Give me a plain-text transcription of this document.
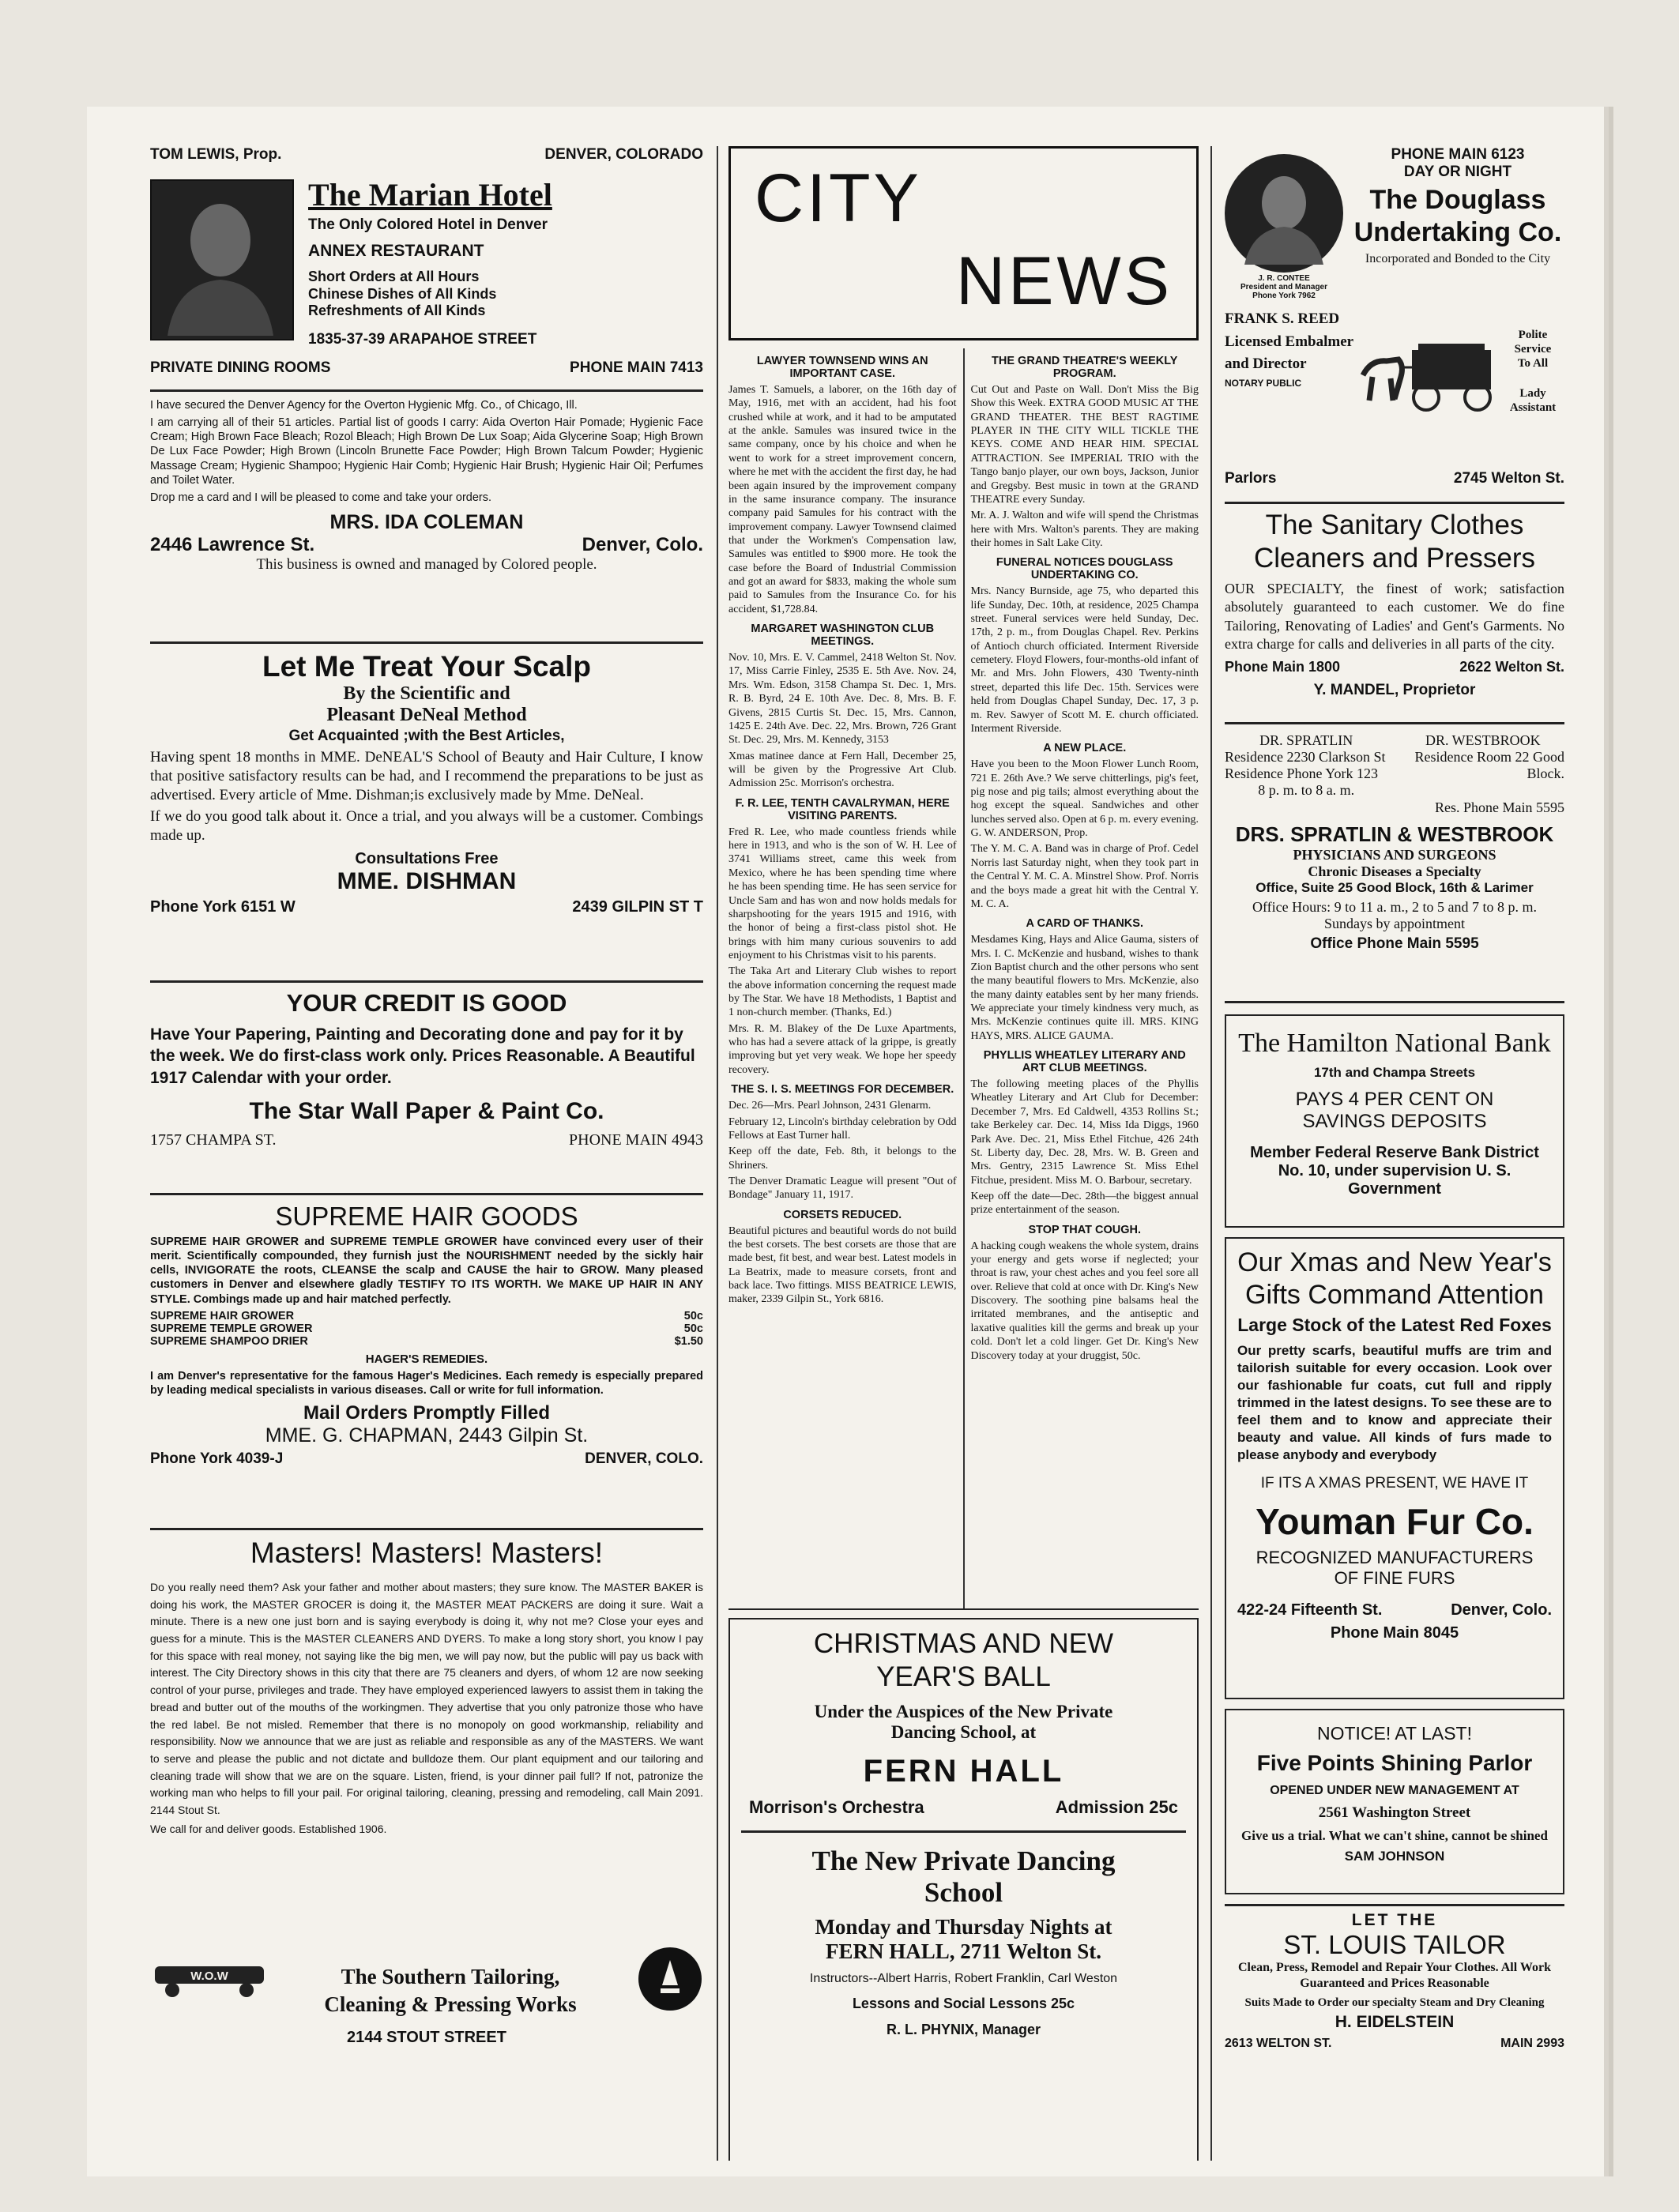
TOM LEWIS, Prop.	DENVER, COLORADO
The Marian Hotel
The Only Colored Hotel in Denver
ANNEX RESTAURANT
Short Orders at All Hours
Chinese Dishes of All Kinds
Refreshments of All Kinds
1835-37-39 ARAPAHOE STREET
PRIVATE DINING ROOMS	PHONE MAIN 7413

I have secured the Denver Agency for the Overton Hygienic Mfg. Co., of Chicago, Ill.

I am carrying all of their 51 articles. Partial list of goods I carry: Aida Overton Hair Pomade; Hygienic Face Cream; High Brown Face Bleach; Rozol Bleach; High Brown De Lux Soap; Aida Glycerine Soap; High Brown De Lux Face Powder; High Brown (Lincoln Brunette Face Powder; High Brown Talcum Powder; Hygienic Massage Cream; Hygienic Shampoo; Hygienic Hair Comb; Hygienic Hair Brush; Hygienic Hair Oil; Perfumes and Toilet Water.

Drop me a card and I will be pleased to come and take your orders.

MRS. IDA COLEMAN
2446 Lawrence St.	Denver, Colo.
This business is owned and managed by Colored people.
Let Me Treat Your Scalp
By the Scientific and
Pleasant DeNeal Method
Get Acquainted ;with the Best Articles,

Having spent 18 months in MME. DeNEAL'S School of Beauty and Hair Culture, I know that positive satisfactory results can be had, and I recommend the preparations to be just as advertised. Every article of Mme. Dishman;is exclusively made by Mme. DeNeal.

If we do you good talk about it. Once a trial, and you always will be a customer. Combings made up.

Consultations Free
MME. DISHMAN
Phone York 6151 W	2439 GILPIN ST T
YOUR CREDIT IS GOOD

Have Your Papering, Painting and Decorating done and pay for it by the week. We do first-class work only. Prices Reasonable. A Beautiful 1917 Calendar with your order.

The Star Wall Paper & Paint Co.
1757 CHAMPA ST.	PHONE MAIN 4943
SUPREME HAIR GOODS

SUPREME HAIR GROWER and SUPREME TEMPLE GROWER have convinced every user of their merit. Scientifically compounded, they furnish just the NOURISHMENT needed by the sickly hair cells, INVIGORATE the roots, CLEANSE the scalp and CAUSE the hair to GROW. Many pleased customers in Denver and elsewhere gladly TESTIFY TO ITS WORTH. We MAKE UP HAIR IN ANY STYLE. Combings made up and hair matched perfectly.

SUPREME HAIR GROWER	50c
SUPREME TEMPLE GROWER	50c
SUPREME SHAMPOO DRIER	$1.50
HAGER'S REMEDIES.

I am Denver's representative for the famous Hager's Medicines. Each remedy is especially prepared by leading medical specialists in various diseases. Call or write for full information.

Mail Orders Promptly Filled
MME. G. CHAPMAN, 2443 Gilpin St.
Phone York 4039-J	DENVER, COLO.
Masters! Masters! Masters!

Do you really need them? Ask your father and mother about masters; they sure know. The MASTER BAKER is doing his work, the MASTER GROCER is doing it, the MASTER MEAT PACKERS are doing it sure. Wait a minute. There is a new one just born and is saying everybody is doing it, why not me? Close your eyes and guess for a minute. This is the MASTER CLEANERS AND DYERS. To make a long story short, you know I pay for this space with real money, not saying like the big men, we will pay now, but the public will pay us back with interest. The City Directory shows in this city that there are 75 cleaners and dyers, of whom 12 are now seeking control of your purse, privileges and trade. They have employed experienced lawyers to assist them in taking the bread and butter out of the mouths of the workingmen. They advertise that you only patronize those who have the red label. Be not misled. Remember that there is no monopoly on good workmanship, reliability and responsibility. Now we announce that we are just as reliable and responsible as any of the MASTERS. We want to serve and please the public and not dictate and bulldoze them. Our plant equipment and our tailoring and cleaning trade will show that we are on the square. Listen, friend, is your dinner pail full? If not, patronize the working man who helps to fill your pail. For original tailoring, cleaning, pressing and remodeling, call Main 2091. 2144 Stout St.

We call for and deliver goods. Established 1906.

W.O.W	The Southern Tailoring,
Cleaning & Pressing Works
2144 STOUT STREET
CITY
NEWS
LAWYER TOWNSEND WINS AN IMPORTANT CASE.

James T. Samuels, a laborer, on the 16th day of May, 1916, met with an accident, had his foot crushed while at work, and it had to be amputated at the ankle. Samules was insured twice in the same company, once by his choice and when he went to work for a street improvement concern, where he met with the accident the first day, he had been again insured by the improvement company in the same insurance company. The insurance company paid Samules for his contract with the improvement company. Lawyer Townsend claimed that under the Workmen's Compensation law, Samules was entitled to $900 more. He took the case before the Board of Industrial Commission and got an award for $833, making the whole sum paid to Samules from the Insurance Co. for his accident, $1,728.84.

MARGARET WASHINGTON CLUB MEETINGS.

Nov. 10, Mrs. E. V. Cammel, 2418 Welton St. Nov. 17, Miss Carrie Finley, 2535 E. 5th Ave. Nov. 24, Mrs. Wm. Edson, 3158 Champa St. Dec. 1, Mrs. R. B. Byrd, 24 E. 10th Ave. Dec. 8, Mrs. B. F. Givens, 2815 Curtis St. Dec. 15, Mrs. Cannon, 1425 E. 24th Ave. Dec. 22, Mrs. Brown, 726 Grant St. Dec. 29, Mrs. M. Kennedy, 3153

Xmas matinee dance at Fern Hall, December 25, will be given by the Progressive Art Club. Admission 25c. Morrison's orchestra.

F. R. LEE, TENTH CAVALRYMAN, HERE VISITING PARENTS.

Fred R. Lee, who made countless friends while here in 1913, and who is the son of W. H. Lee of 3741 Williams street, came this week from Mexico, where he has been spending time where he has been spending time. He has seen service for Uncle Sam and has won and now holds medals for sharpshooting for the years 1915 and 1916, with the honor of being a first-class pistol shot. He brings with him many curious souvenirs to add enjoyment to his Christmas visit to his parents.

The Taka Art and Literary Club wishes to report the above information concerning the request made by The Star. We have 18 Methodists, 1 Baptist and 1 non-church member. (Thanks, Ed.)

Mrs. R. M. Blakey of the De Luxe Apartments, who has had a severe attack of la grippe, is greatly improving but yet very weak. We hope her speedy recovery.

THE S. I. S. MEETINGS FOR DECEMBER.

Dec. 26—Mrs. Pearl Johnson, 2431 Glenarm.

February 12, Lincoln's birthday celebration by Odd Fellows at East Turner hall.

Keep off the date, Feb. 8th, it belongs to the Shriners.

The Denver Dramatic League will present "Out of Bondage" January 11, 1917.

CORSETS REDUCED.

Beautiful pictures and beautiful words do not build the best corsets. The best corsets are those that are made best, fit best, and wear best. Latest models in La Beatrix, made to measure corsets, front and back lace. Two fittings. MISS BEATRICE LEWIS, maker, 2339 Gilpin St., York 6816.

THE GRAND THEATRE'S WEEKLY PROGRAM.

Cut Out and Paste on Wall. Don't Miss the Big Show this Week. EXTRA GOOD MUSIC AT THE GRAND THEATER. THE BEST RAGTIME PLAYER IN THE CITY WILL TICKLE THE KEYS. COME AND HEAR HIM. SPECIAL ATTRACTION. See IMPERIAL TRIO with the Tango banjo player, our own boys, Jackson, Junior and Gregsby. Best music in town at the GRAND THEATRE every Sunday.

Mr. A. J. Walton and wife will spend the Christmas here with Mrs. Walton's parents. They are making their homes in Salt Lake City.

FUNERAL NOTICES DOUGLASS UNDERTAKING CO.

Mrs. Nancy Burnside, age 75, who departed this life Sunday, Dec. 10th, at residence, 2025 Champa street. Funeral services were held Sunday, Dec. 17th, 2 p. m., from Douglas Chapel. Rev. Perkins of Antioch church officiated. Interment Riverside cemetery. Floyd Flowers, four-months-old infant of Mr. and Mrs. John Flowers, 430 Twenty-ninth street, departed this life Dec. 15th. Services were held from Douglas Chapel Sunday, Dec. 17, 3 p. m. Rev. Sawyer of Scott M. E. church officiated. Interment Riverside.

A NEW PLACE.

Have you been to the Moon Flower Lunch Room, 721 E. 26th Ave.? We serve chitterlings, pig's feet, pig nose and pig tails; almost everything about the hog except the squeal. Sandwiches and other lunches served also. Open at 6 p. m. every evening. G. W. ANDERSON, Prop.

The Y. M. C. A. Band was in charge of Prof. Cedel Norris last Saturday night, when they took part in the Central Y. M. C. A. Minstrel Show. Prof. Norris and the boys made a great hit with the Central Y. M. C. A.

A CARD OF THANKS.

Mesdames King, Hays and Alice Gauma, sisters of Mrs. I. C. McKenzie and husband, wishes to thank Zion Baptist church and the other persons who sent the many beautiful flowers to Mrs. McKenzie, also the many dainty eatables sent by her many friends. We appreciate your timely kindness very much, as Mrs. McKenzie continues quite ill. MRS. KING HAYS, MRS. ALICE GAUMA.

PHYLLIS WHEATLEY LITERARY AND ART CLUB MEETINGS.

The following meeting places of the Phyllis Wheatley Literary and Art Club for December: December 7, Mrs. Ed Caldwell, 4353 Rollins St.; take Berkeley car. Dec. 14, Miss Ida Diggs, 1960 Park Ave. Dec. 21, Miss Ethel Fitchue, 426 24th St. Liberty day, Dec. 28, Mrs. W. B. Green and Mrs. Gentry, 2315 Lawrence St. Miss Ethel Fitchue, president. Miss M. O. Barbour, secretary.

Keep off the date—Dec. 28th—the biggest annual prize entertainment of the season.

STOP THAT COUGH.

A hacking cough weakens the whole system, drains your energy and gets worse if neglected; your throat is raw, your chest aches and you feel sore all over. Relieve that cold at once with Dr. King's New Discovery. The soothing pine balsams heal the irritated membranes, and the antiseptic and laxative qualities kill the germs and break up your cold. Don't let a cold linger. Get Dr. King's New Discovery today at your druggist, 50c.

CHRISTMAS AND NEW
YEAR'S BALL
Under the Auspices of the New Private
Dancing School, at
FERN HALL
Morrison's Orchestra	Admission 25c
The New Private Dancing
School
Monday and Thursday Nights at
FERN HALL, 2711 Welton St.
Instructors--Albert Harris, Robert Franklin, Carl Weston
Lessons and Social Lessons 25c
R. L. PHYNIX, Manager
J. R. CONTEE
President and Manager
Phone York 7962
PHONE MAIN 6123
DAY OR NIGHT
The Douglass
Undertaking Co.
Incorporated and Bonded to the City
FRANK S. REED
Licensed Embalmer
and Director
NOTARY PUBLIC
Polite Service
To All
Lady
Assistant
Parlors	2745 Welton St.
The Sanitary Clothes
Cleaners and Pressers

OUR SPECIALTY, the finest of work; satisfaction absolutely guaranteed to each customer. We do fine Tailoring, Renovating of Ladies' and Gent's Garments. No extra charge for calls and deliveries in all parts of the city.

Phone Main 1800	2622 Welton St.
Y. MANDEL, Proprietor
DR. SPRATLIN
Residence 2230 Clarkson St
Residence Phone York 123
8 p. m. to 8 a. m.
DR. WESTBROOK
Residence Room 22 Good Block.
Res. Phone Main 5595
DRS. SPRATLIN & WESTBROOK
PHYSICIANS AND SURGEONS
Chronic Diseases a Specialty
Office, Suite 25 Good Block, 16th & Larimer
Office Hours: 9 to 11 a. m., 2 to 5 and 7 to 8 p. m.
Sundays by appointment
Office Phone Main 5595
The Hamilton National Bank
17th and Champa Streets
PAYS 4 PER CENT ON
SAVINGS DEPOSITS
Member Federal Reserve Bank District
No. 10, under supervision U. S. Government
Our Xmas and New Year's
Gifts Command Attention
Large Stock of the Latest Red Foxes

Our pretty scarfs, beautiful muffs are trim and tailorish suitable for every occasion. Look over our fashionable fur coats, cut full and ripply trimmed in the latest designs. To see these are to feel them and to know and appreciate their beauty and value. All kinds of furs made to please anybody and everybody

IF ITS A XMAS PRESENT, WE HAVE IT
Youman Fur Co.
RECOGNIZED MANUFACTURERS
OF FINE FURS
422-24 Fifteenth St.	Denver, Colo.
Phone Main 8045
NOTICE! AT LAST!
Five Points Shining Parlor
OPENED UNDER NEW MANAGEMENT AT
2561 Washington Street
Give us a trial. What we can't shine, cannot be shined
SAM JOHNSON
LET THE
ST. LOUIS TAILOR
Clean, Press, Remodel and Repair Your Clothes. All Work Guaranteed and Prices Reasonable
Suits Made to Order our specialty Steam and Dry Cleaning
H. EIDELSTEIN
2613 WELTON ST.	MAIN 2993
